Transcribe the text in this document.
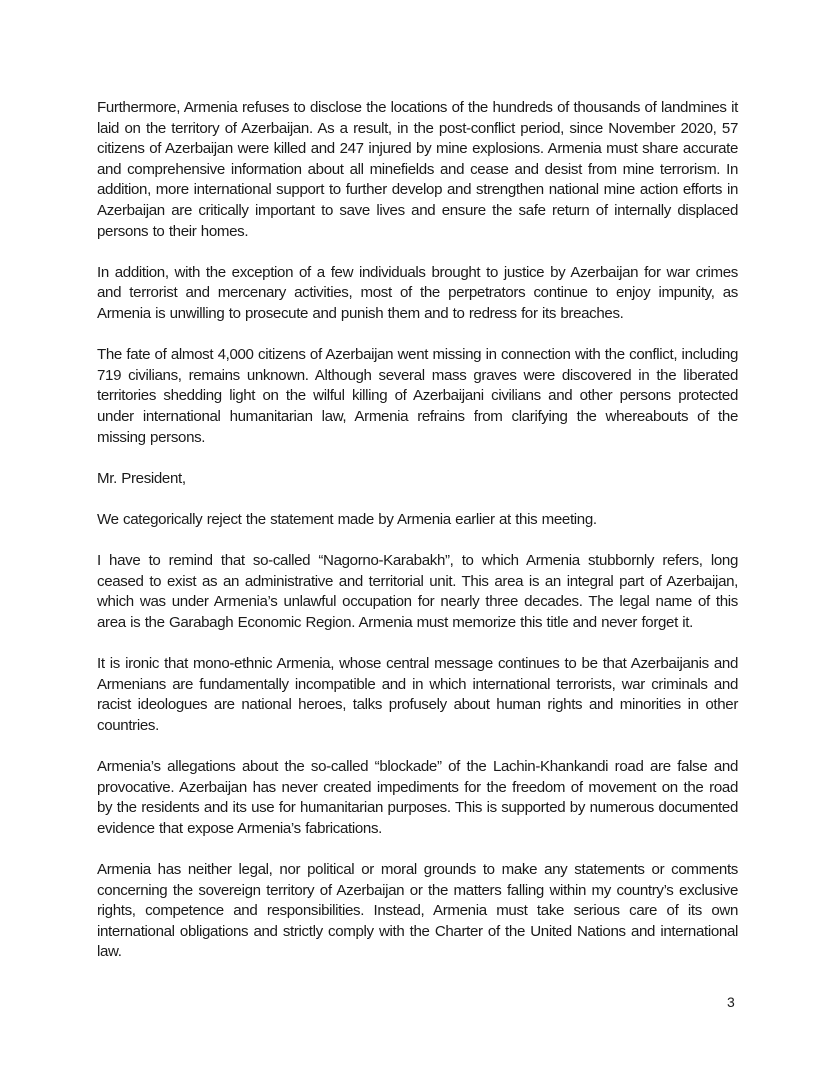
Furthermore, Armenia refuses to disclose the locations of the hundreds of thousands of landmines it laid on the territory of Azerbaijan. As a result, in the post-conflict period, since November 2020, 57 citizens of Azerbaijan were killed and 247 injured by mine explosions. Armenia must share accurate and comprehensive information about all minefields and cease and desist from mine terrorism. In addition, more international support to further develop and strengthen national mine action efforts in Azerbaijan are critically important to save lives and ensure the safe return of internally displaced persons to their homes.

In addition, with the exception of a few individuals brought to justice by Azerbaijan for war crimes and terrorist and mercenary activities, most of the perpetrators continue to enjoy impunity, as Armenia is unwilling to prosecute and punish them and to redress for its breaches.

The fate of almost 4,000 citizens of Azerbaijan went missing in connection with the conflict, including 719 civilians, remains unknown. Although several mass graves were discovered in the liberated territories shedding light on the wilful killing of Azerbaijani civilians and other persons protected under international humanitarian law, Armenia refrains from clarifying the whereabouts of the missing persons.

Mr. President,

We categorically reject the statement made by Armenia earlier at this meeting.

I have to remind that so-called “Nagorno-Karabakh”, to which Armenia stubbornly refers, long ceased to exist as an administrative and territorial unit. This area is an integral part of Azerbaijan, which was under Armenia’s unlawful occupation for nearly three decades. The legal name of this area is the Garabagh Economic Region. Armenia must memorize this title and never forget it.

It is ironic that mono-ethnic Armenia, whose central message continues to be that Azerbaijanis and Armenians are fundamentally incompatible and in which international terrorists, war criminals and racist ideologues are national heroes, talks profusely about human rights and minorities in other countries.

Armenia’s allegations about the so-called “blockade” of the Lachin-Khankandi road are false and provocative. Azerbaijan has never created impediments for the freedom of movement on the road by the residents and its use for humanitarian purposes. This is supported by numerous documented evidence that expose Armenia’s fabrications.

Armenia has neither legal, nor political or moral grounds to make any statements or comments concerning the sovereign territory of Azerbaijan or the matters falling within my country’s exclusive rights, competence and responsibilities. Instead, Armenia must take serious care of its own international obligations and strictly comply with the Charter of the United Nations and international law.

3
